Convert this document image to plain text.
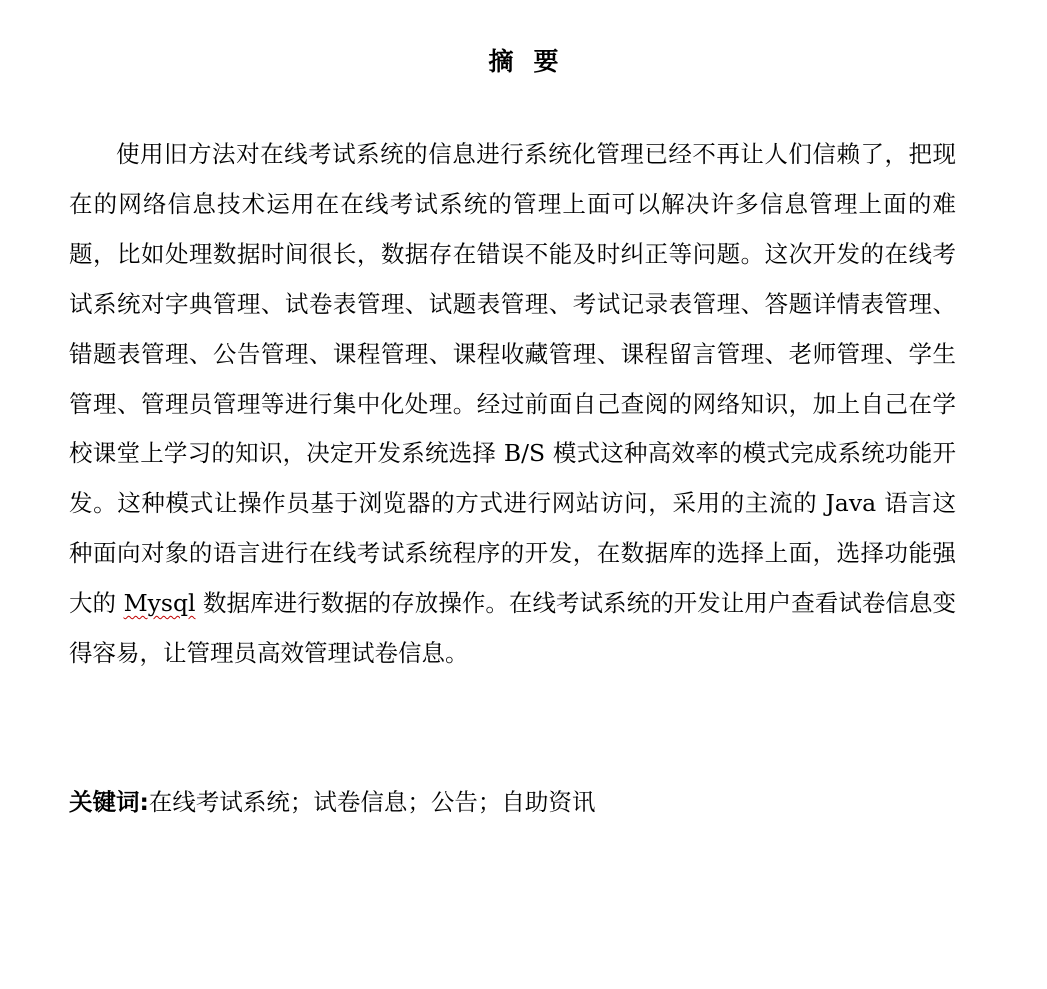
摘 要

使用旧方法对在线考试系统的信息进行系统化管理已经不再让人们信赖了，把现在的网络信息技术运用在在线考试系统的管理上面可以解决许多信息管理上面的难题，比如处理数据时间很长，数据存在错误不能及时纠正等问题。这次开发的在线考试系统对字典管理、试卷表管理、试题表管理、考试记录表管理、答题详情表管理、错题表管理、公告管理、课程管理、课程收藏管理、课程留言管理、老师管理、学生管理、管理员管理等进行集中化处理。经过前面自己查阅的网络知识，加上自己在学校课堂上学习的知识，决定开发系统选择 B/S 模式这种高效率的模式完成系统功能开发。这种模式让操作员基于浏览器的方式进行网站访问，采用的主流的 Java 语言这种面向对象的语言进行在线考试系统程序的开发，在数据库的选择上面，选择功能强大的 Mysql 数据库进行数据的存放操作。在线考试系统的开发让用户查看试卷信息变得容易，让管理员高效管理试卷信息。

关键词:在线考试系统；试卷信息；公告；自助资讯
